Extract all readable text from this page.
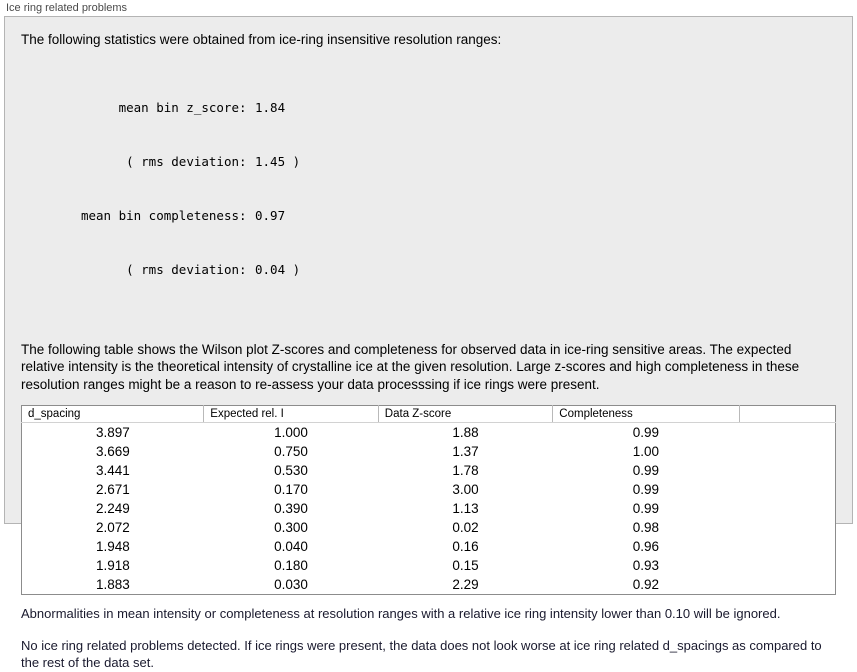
Ice ring related problems

The following statistics were obtained from ice-ring insensitive resolution ranges:

mean bin z_score: 1.84

( rms deviation: 1.45 )

mean bin completeness: 0.97

( rms deviation: 0.04 )

The following table shows the Wilson plot Z-scores and completeness for observed data in ice-ring sensitive areas. The expected relative intensity is the theoretical intensity of crystalline ice at the given resolution. Large z-scores and high completeness in these resolution ranges might be a reason to re-assess your data processsing if ice rings were present.

d_spacing	Expected rel. I	Data Z-score	Completeness	
3.897	1.000	1.88	0.99	
3.669	0.750	1.37	1.00	
3.441	0.530	1.78	0.99	
2.671	0.170	3.00	0.99	
2.249	0.390	1.13	0.99	
2.072	0.300	0.02	0.98	
1.948	0.040	0.16	0.96	
1.918	0.180	0.15	0.93	
1.883	0.030	2.29	0.92	

Abnormalities in mean intensity or completeness at resolution ranges with a relative ice ring intensity lower than 0.10 will be ignored.

No ice ring related problems detected. If ice rings were present, the data does not look worse at ice ring related d_spacings as compared to the rest of the data set.
